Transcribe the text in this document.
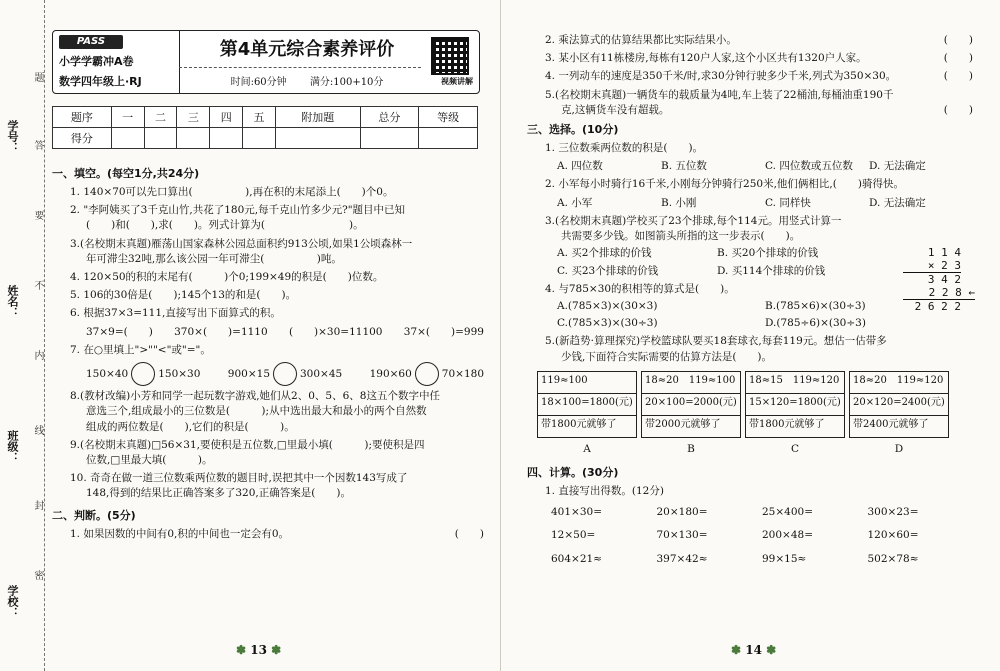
题
学号： 答
要
姓名： 不
内
班级： 线
封
学校：
密
PASS
小学学霸冲A卷
数学四年级上·RJ
第4单元综合素养评价
时间:60分钟 　　 满分:100+10分	视频讲解
题序	一	二	三	四	五	附加题	总分	等级
得分								
一、填空。(每空1分,共24分)
1. 140×70可以先口算出(　　　　　),再在积的末尾添上(　　)个0。
2. "李阿姨买了3千克山竹,共花了180元,每千克山竹多少元?"题目中已知
(　　)和(　　),求(　　)。列式计算为(　　　　　　　　)。
3.(名校期末真题)雁荡山国家森林公园总面积约913公顷,如果1公顷森林一
年可滞尘32吨,那么该公园一年可滞尘(　　　　　)吨。
4. 120×50的积的末尾有(　　　)个0;199×49的积是(　　)位数。
5. 106的30倍是(　　);145个13的和是(　　)。
6. 根据37×3=111,直接写出下面算式的积。
37×9=(　　) 370×(　　)=1110 (　　)×30=11100 37×(　　)=999
7. 在○里填上">""<"或"="。
150×40	150×30	900×15	300×45	190×60	70×180
8.(教材改编)小芳和同学一起玩数字游戏,她们从2、0、5、6、8这五个数字中任
意选三个,组成最小的三位数是(　　　);从中选出最大和最小的两个自然数
组成的两位数是(　　),它们的积是(　　　)。
9.(名校期末真题)□56×31,要使积是五位数,□里最小填(　　　);要使积是四
位数,□里最大填(　　　)。
10. 奇奇在做一道三位数乘两位数的题目时,误把其中一个因数143写成了
148,得到的结果比正确答案多了320,正确答案是(　　)。
二、判断。(5分)
1. 如果因数的中间有0,积的中间也一定会有0。	(　　)
✽ 13 ✽
2. 乘法算式的估算结果都比实际结果小。	(　　)
3. 某小区有11栋楼房,每栋有120户人家,这个小区共有1320户人家。	(　　)
4. 一列动车的速度是350千米/时,求30分钟行驶多少千米,列式为350×30。	(　　)
5.(名校期末真题)一辆货车的载质量为4吨,车上装了22桶油,每桶油重190千
克,这辆货车没有超载。	(　　)
三、选择。(10分)
1. 三位数乘两位数的积是(　　)。
A. 四位数	B. 五位数	C. 四位数或五位数	D. 无法确定
2. 小军每小时骑行16千米,小刚每分钟骑行250米,他们俩相比,(　　)骑得快。
A. 小军	B. 小刚	C. 同样快	D. 无法确定
3.(名校期末真题)学校买了23个排球,每个114元。用竖式计算一
共需要多少钱。如图箭头所指的这一步表示(　　)。
A. 买2个排球的价钱	B. 买20个排球的价钱
C. 买23个排球的价钱	D. 买114个排球的价钱
4. 与785×30的积相等的算式是(　　)。
A.(785×3)×(30×3)	B.(785×6)×(30÷3)
C.(785×3)×(30÷3)	D.(785÷6)×(30÷3)
5.(新趋势·算理探究)学校篮球队要买18套球衣,每套119元。想估一估带多
少钱,下面符合实际需要的估算方法是(　　)。
119≈100
18×100=1800(元)
带1800元就够了
18≈20　119≈100
20×100=2000(元)
带2000元就够了
18≈15　119≈120
15×120=1800(元)
带1800元就够了
18≈20　119≈120
20×120=2400(元)
带2400元就够了
A	B	C	D
四、计算。(30分)
1. 直接写出得数。(12分)
401×30=	20×180=	25×400=	300×23=
12×50=	70×130=	200×48=	120×60=
604×21≈	397×42≈	99×15≈	502×78≈
1 1 4
× 2 3
3 4 2
2 2 8 ←
2 6 2 2
✽ 14 ✽
